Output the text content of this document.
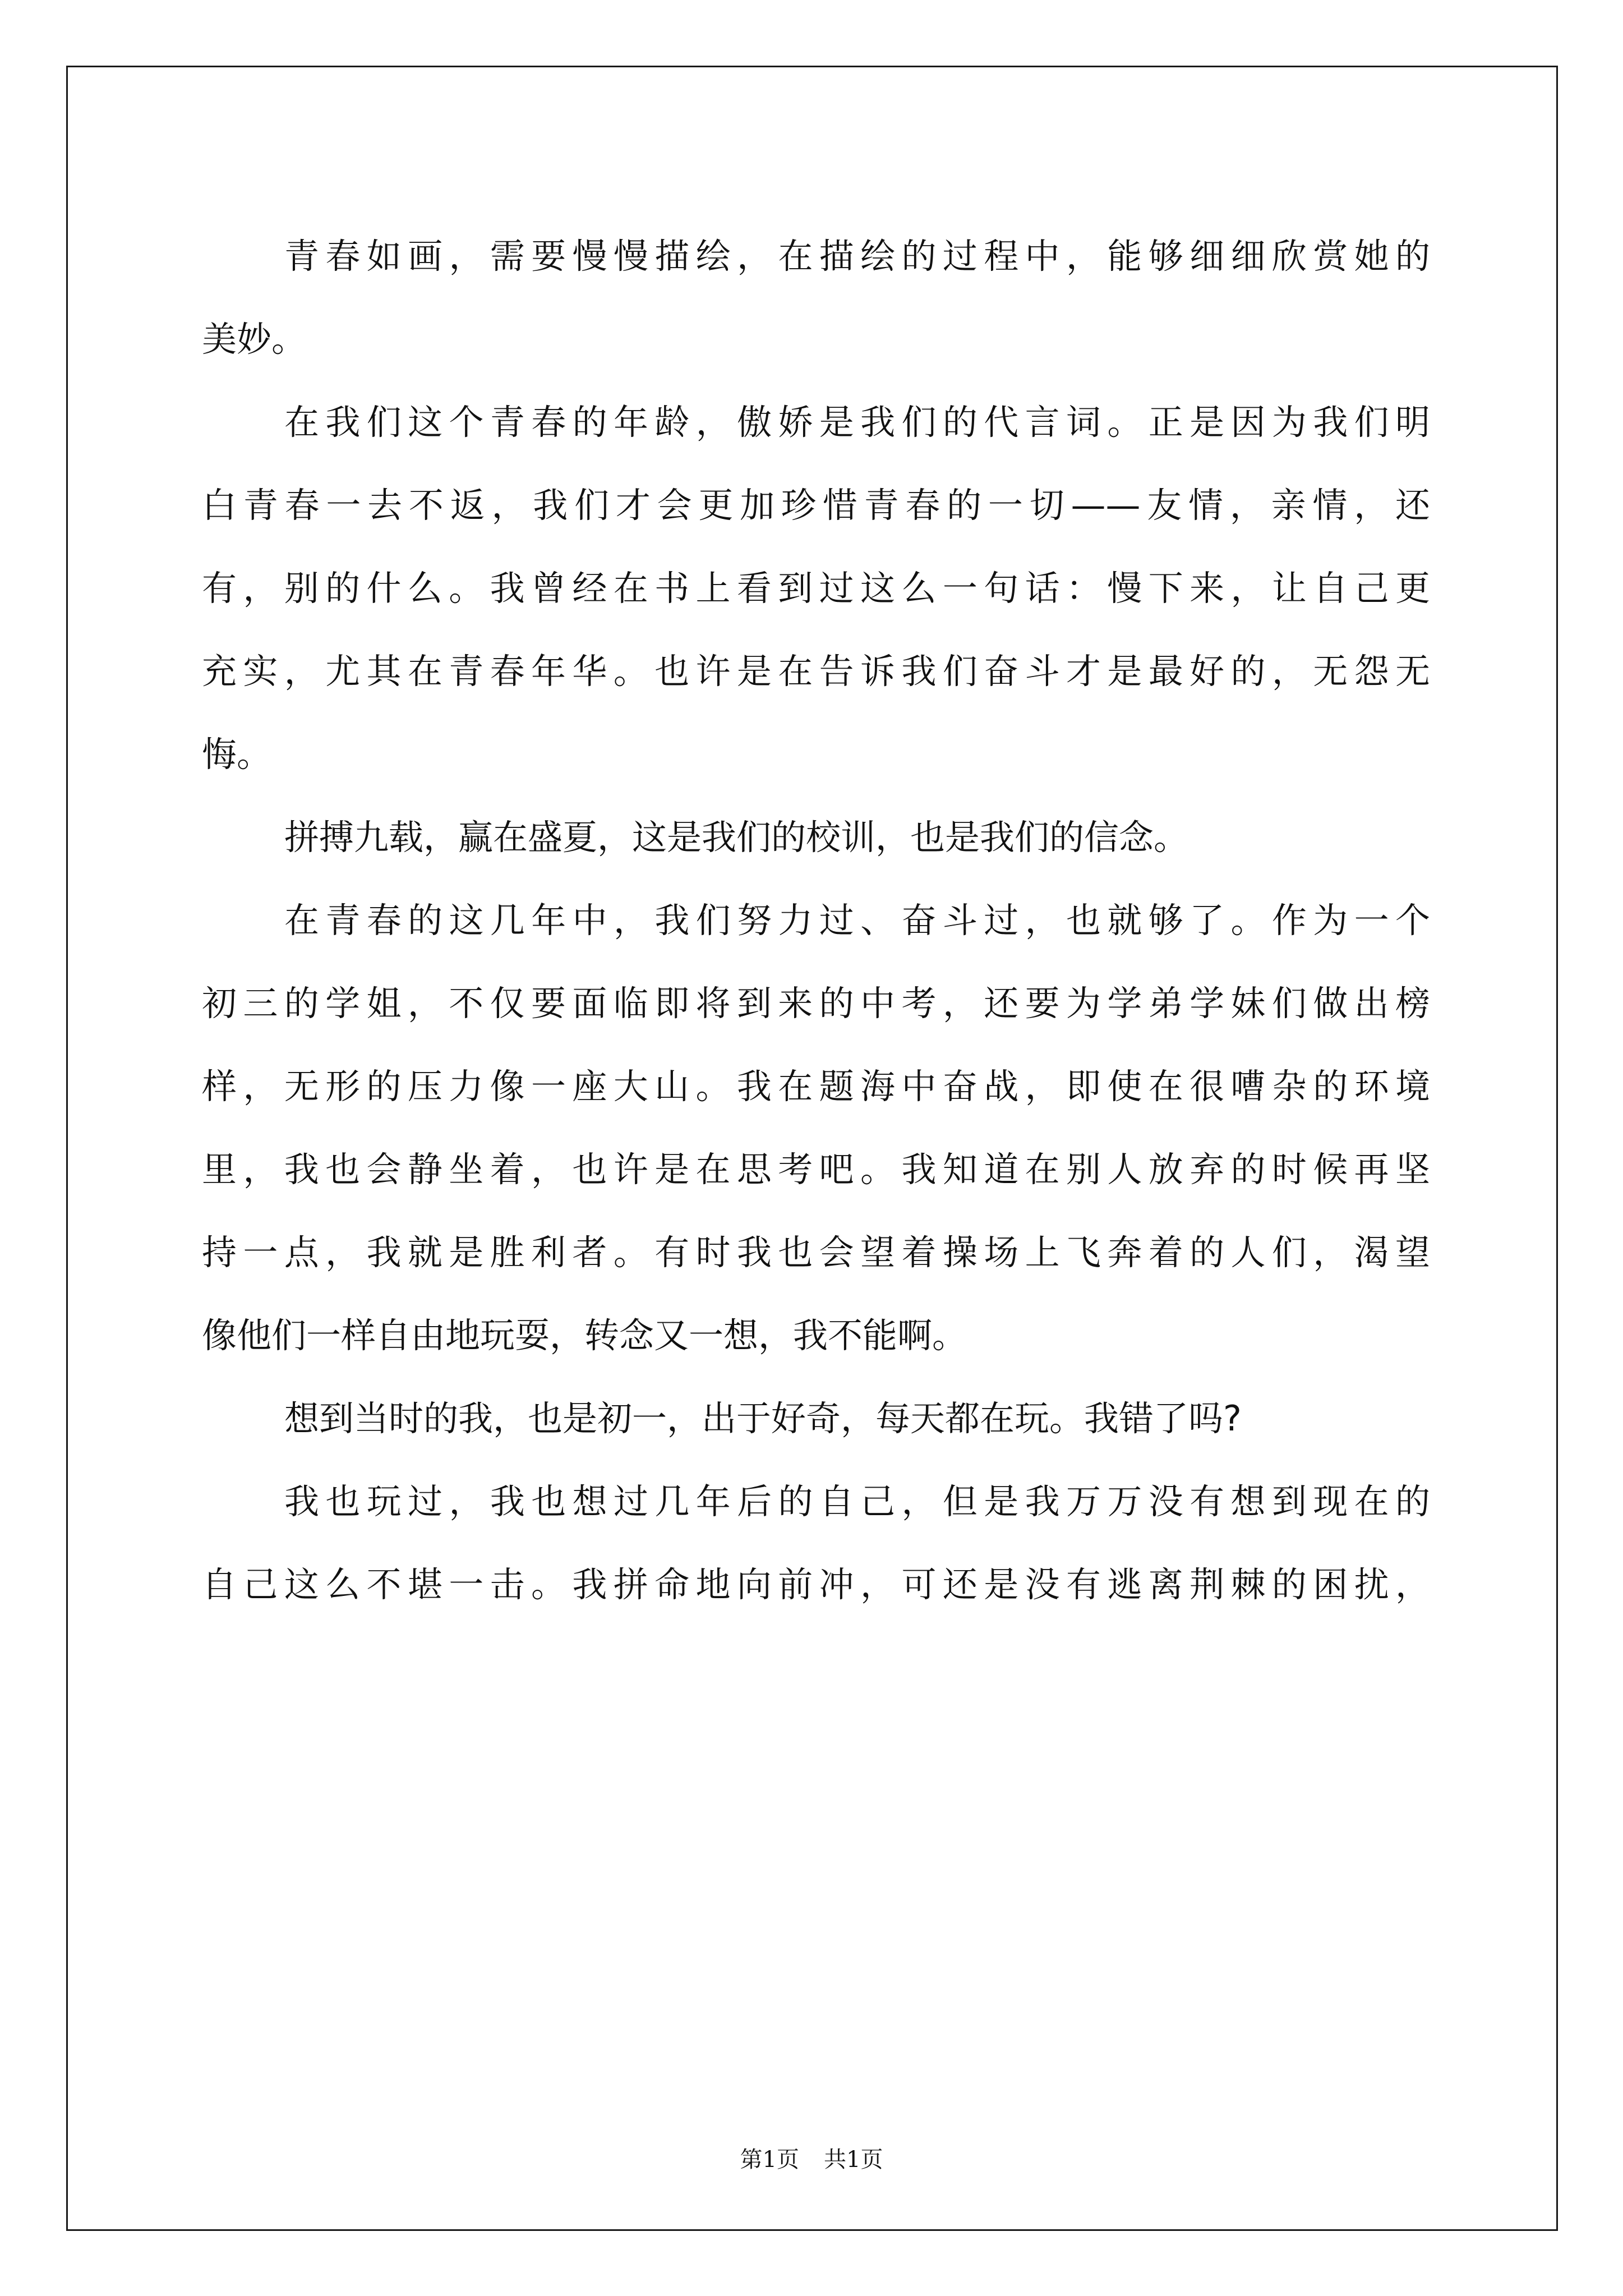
青春如画，需要慢慢描绘，在描绘的过程中，能够细细欣赏她的
美妙。
在我们这个青春的年龄，傲娇是我们的代言词。正是因为我们明
白青春一去不返，我们才会更加珍惜青春的一切——友情，亲情，还
有，别的什么。我曾经在书上看到过这么一句话：慢下来，让自己更
充实，尤其在青春年华。也许是在告诉我们奋斗才是最好的，无怨无
悔。
拼搏九载，赢在盛夏，这是我们的校训，也是我们的信念。
在青春的这几年中，我们努力过、奋斗过，也就够了。作为一个
初三的学姐，不仅要面临即将到来的中考，还要为学弟学妹们做出榜
样，无形的压力像一座大山。我在题海中奋战，即使在很嘈杂的环境
里，我也会静坐着，也许是在思考吧。我知道在别人放弃的时候再坚
持一点，我就是胜利者。有时我也会望着操场上飞奔着的人们，渴望
像他们一样自由地玩耍，转念又一想，我不能啊。
想到当时的我，也是初一，出于好奇，每天都在玩。我错了吗?
我也玩过，我也想过几年后的自己，但是我万万没有想到现在的
自己这么不堪一击。我拼命地向前冲，可还是没有逃离荆棘的困扰，
第1页 共1页
